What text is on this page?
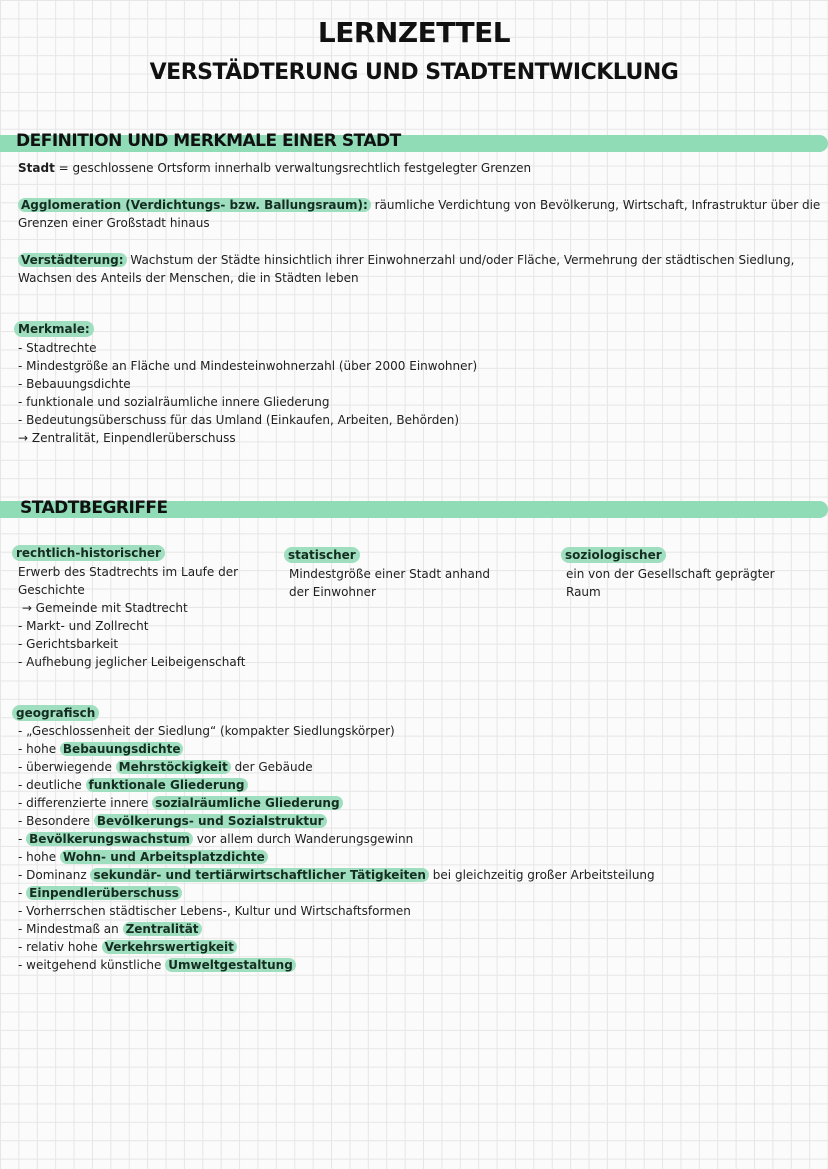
LERNZETTEL
VERSTÄDTERUNG UND STADTENTWICKLUNG
DEFINITION UND MERKMALE EINER STADT
Stadt = geschlossene Ortsform innerhalb verwaltungsrechtlich festgelegter Grenzen
Agglomeration (Verdichtungs- bzw. Ballungsraum): räumliche Verdichtung von Bevölkerung, Wirtschaft, Infrastruktur über die
Grenzen einer Großstadt hinaus
Verstädterung: Wachstum der Städte hinsichtlich ihrer Einwohnerzahl und/oder Fläche, Vermehrung der städtischen Siedlung,
Wachsen des Anteils der Menschen, die in Städten leben
Merkmale:
- Stadtrechte
- Mindestgröße an Fläche und Mindesteinwohnerzahl (über 2000 Einwohner)
- Bebauungsdichte
- funktionale und sozialräumliche innere Gliederung
- Bedeutungsüberschuss für das Umland (Einkaufen, Arbeiten, Behörden)
→ Zentralität, Einpendlerüberschuss
STADTBEGRIFFE
rechtlich-historischer
Erwerb des Stadtrechts im Laufe der
Geschichte
→ Gemeinde mit Stadtrecht
- Markt- und Zollrecht
- Gerichtsbarkeit
- Aufhebung jeglicher Leibeigenschaft
statischer
Mindestgröße einer Stadt anhand
der Einwohner
soziologischer
ein von der Gesellschaft geprägter
Raum
geografisch
- „Geschlossenheit der Siedlung“ (kompakter Siedlungskörper)
- hohe Bebauungsdichte
- überwiegende Mehrstöckigkeit der Gebäude
- deutliche funktionale Gliederung
- differenzierte innere sozialräumliche Gliederung
- Besondere Bevölkerungs- und Sozialstruktur
- Bevölkerungswachstum vor allem durch Wanderungsgewinn
- hohe Wohn- und Arbeitsplatzdichte
- Dominanz sekundär- und tertiärwirtschaftlicher Tätigkeiten bei gleichzeitig großer Arbeitsteilung
- Einpendlerüberschuss
- Vorherrschen städtischer Lebens-, Kultur und Wirtschaftsformen
- Mindestmaß an Zentralität
- relativ hohe Verkehrswertigkeit
- weitgehend künstliche Umweltgestaltung
